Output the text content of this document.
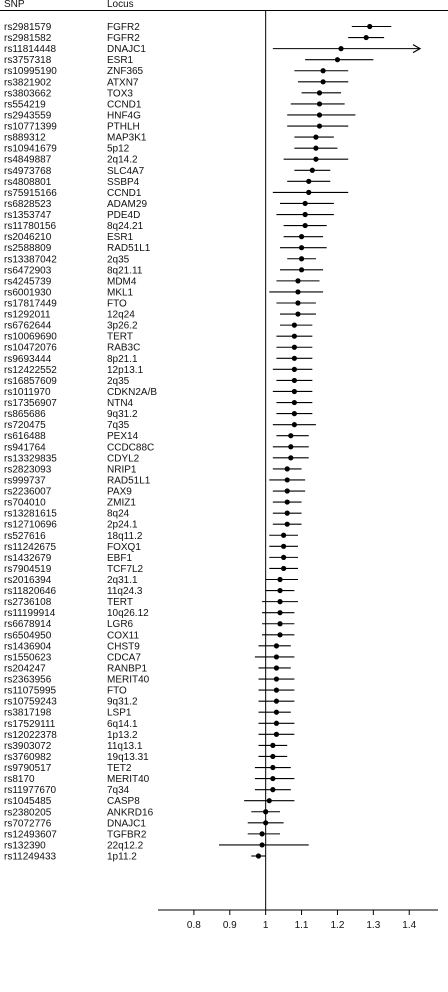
SNP	Locus
rs2981579	FGFR2
rs2981582	FGFR2
rs11814448	DNAJC1
rs3757318	ESR1
rs10995190	ZNF365
rs3821902	ATXN7
rs3803662	TOX3
rs554219	CCND1
rs2943559	HNF4G
rs10771399	PTHLH
rs889312	MAP3K1
rs10941679	5p12
rs4849887	2q14.2
rs4973768	SLC4A7
rs4808801	SSBP4
rs75915166	CCND1
rs6828523	ADAM29
rs1353747	PDE4D
rs11780156	8q24.21
rs2046210	ESR1
rs2588809	RAD51L1
rs13387042	2q35
rs6472903	8q21.11
rs4245739	MDM4
rs6001930	MKL1
rs17817449	FTO
rs1292011	12q24
rs6762644	3p26.2
rs10069690	TERT
rs10472076	RAB3C
rs9693444	8p21.1
rs12422552	12p13.1
rs16857609	2q35
rs1011970	CDKN2A/B
rs17356907	NTN4
rs865686	9q31.2
rs720475	7q35
rs616488	PEX14
rs941764	CCDC88C
rs13329835	CDYL2
rs2823093	NRIP1
rs999737	RAD51L1
rs2236007	PAX9
rs704010	ZMIZ1
rs13281615	8q24
rs12710696	2p24.1
rs527616	18q11.2
rs11242675	FOXQ1
rs1432679	EBF1
rs7904519	TCF7L2
rs2016394	2q31.1
rs11820646	11q24.3
rs2736108	TERT
rs11199914	10q26.12
rs6678914	LGR6
rs6504950	COX11
rs1436904	CHST9
rs1550623	CDCA7
rs204247	RANBP1
rs2363956	MERIT40
rs11075995	FTO
rs10759243	9q31.2
rs3817198	LSP1
rs17529111	6q14.1
rs12022378	1p13.2
rs3903072	11q13.1
rs3760982	19q13.31
rs9790517	TET2
rs8170	MERIT40
rs11977670	7q34
rs1045485	CASP8
rs2380205	ANKRD16
rs7072776	DNAJC1
rs12493607	TGFBR2
rs132390	22q12.2
rs11249433	1p11.2
0.8 0.9	1	1.1 1.2 1.3 1.4
